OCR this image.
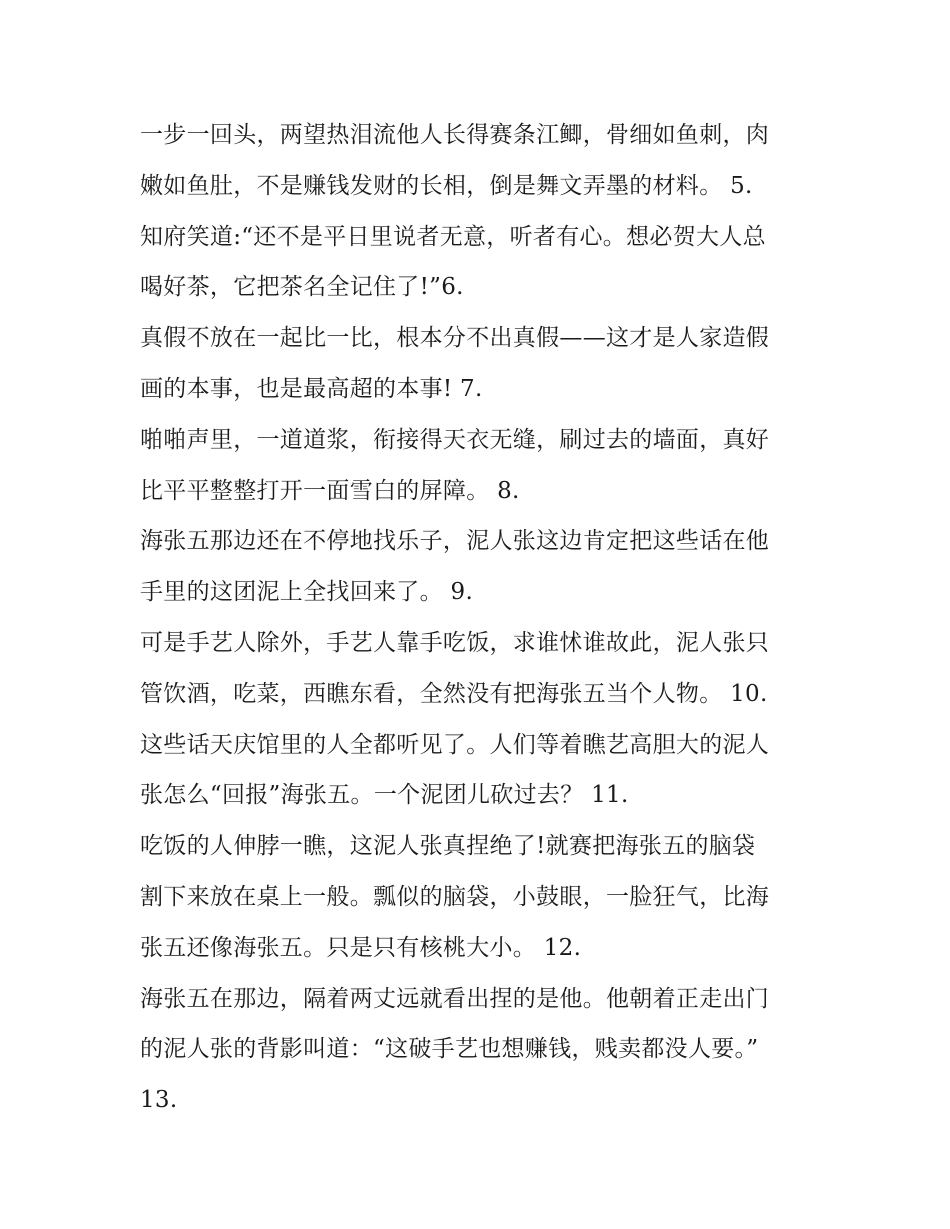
一步一回头，两望热泪流他人长得赛条江鲫，骨细如鱼刺，肉
嫩如鱼肚，不是赚钱发财的长相，倒是舞文弄墨的材料。 5.
知府笑道:“还不是平日里说者无意，听者有心。想必贺大人总
喝好茶，它把茶名全记住了!”6.
真假不放在一起比一比，根本分不出真假——这才是人家造假
画的本事，也是最高超的本事! 7.
啪啪声里，一道道浆，衔接得天衣无缝，刷过去的墙面，真好
比平平整整打开一面雪白的屏障。 8.
海张五那边还在不停地找乐子，泥人张这边肯定把这些话在他
手里的这团泥上全找回来了。 9.
可是手艺人除外，手艺人靠手吃饭，求谁怵谁故此，泥人张只
管饮酒，吃菜，西瞧东看，全然没有把海张五当个人物。 10.
这些话天庆馆里的人全都听见了。人们等着瞧艺高胆大的泥人
张怎么“回报”海张五。一个泥团儿砍过去？ 11.
吃饭的人伸脖一瞧，这泥人张真捏绝了!就赛把海张五的脑袋
割下来放在桌上一般。瓢似的脑袋，小鼓眼，一脸狂气，比海
张五还像海张五。只是只有核桃大小。 12.
海张五在那边，隔着两丈远就看出捏的是他。他朝着正走出门
的泥人张的背影叫道：“这破手艺也想赚钱，贱卖都没人要。”
13.
